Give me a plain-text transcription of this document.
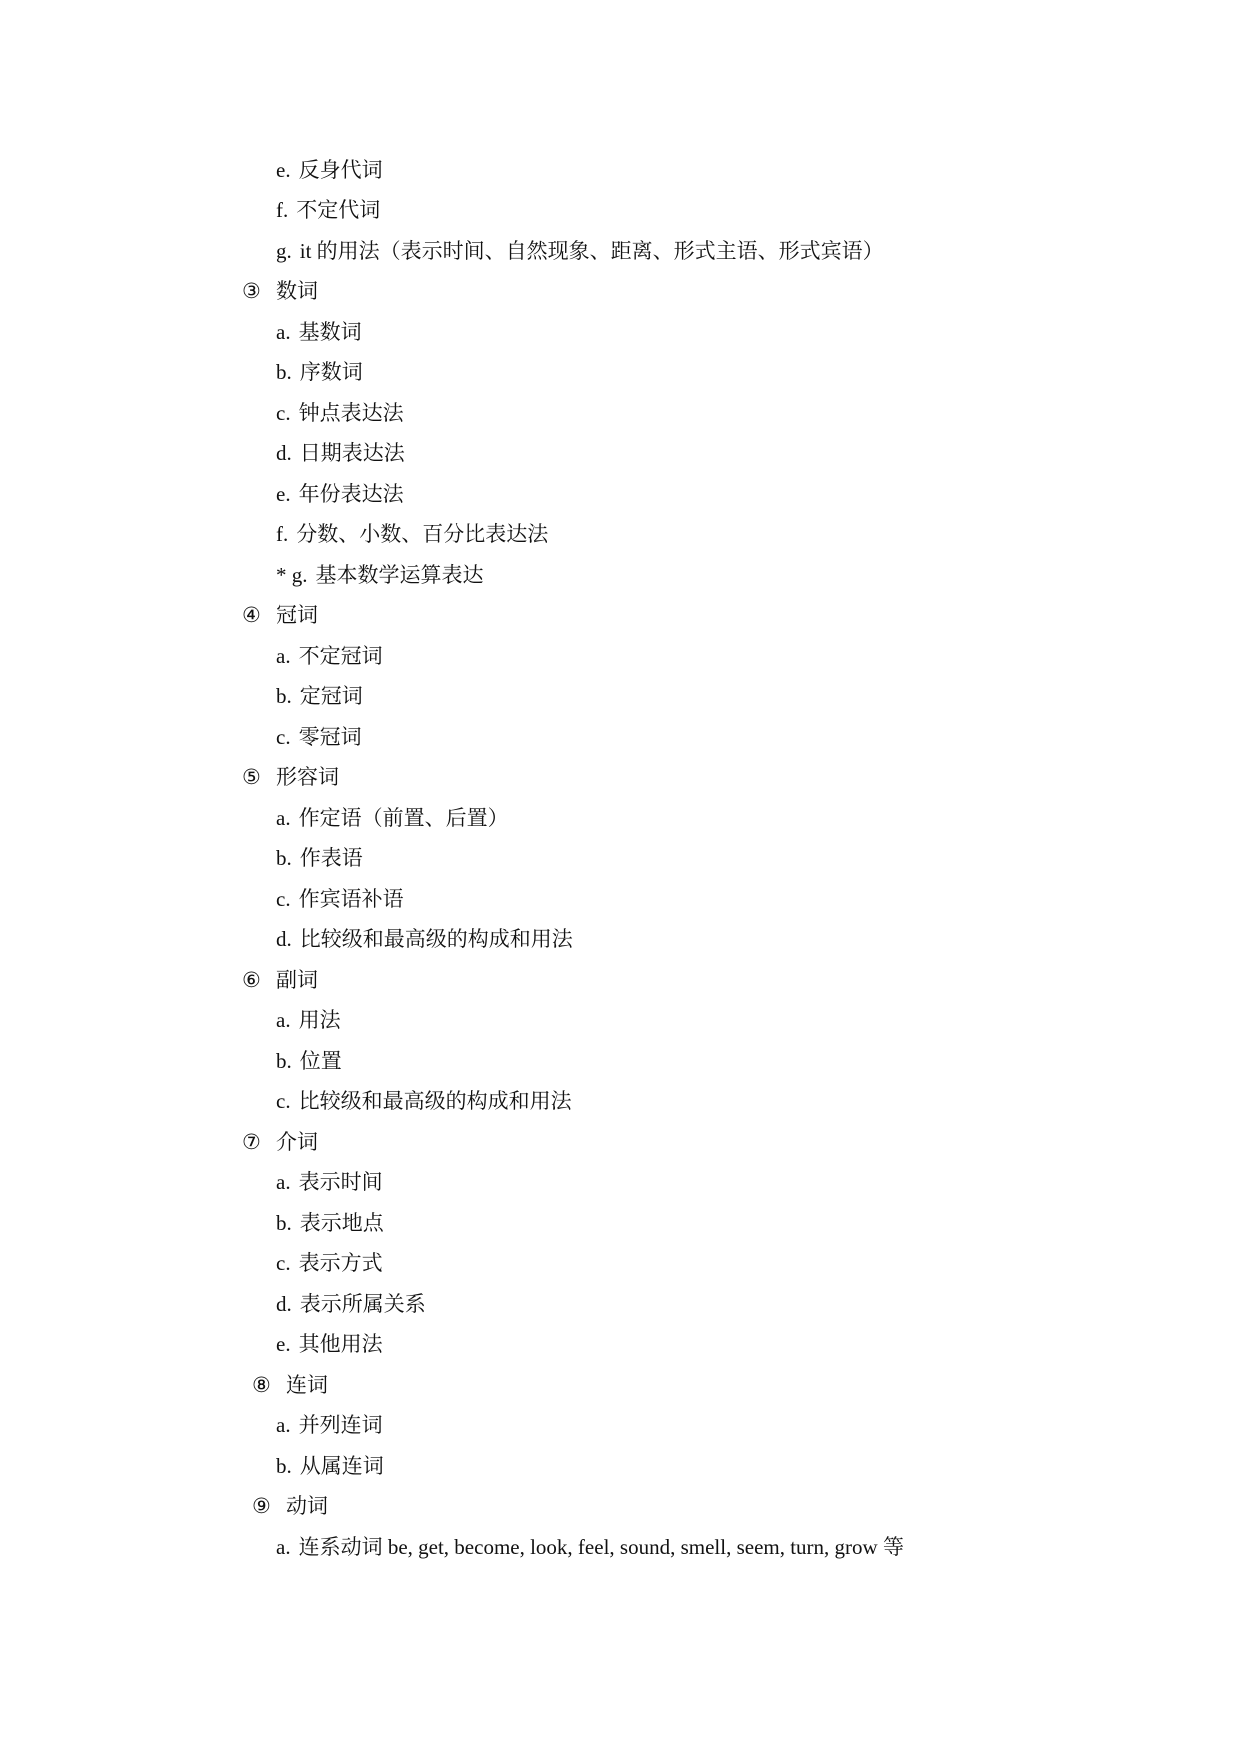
e. 反身代词
f. 不定代词
g. it 的用法（表示时间、自然现象、距离、形式主语、形式宾语）
③ 数词
a. 基数词
b. 序数词
c. 钟点表达法
d. 日期表达法
e. 年份表达法
f. 分数、小数、百分比表达法
* g. 基本数学运算表达
④ 冠词
a. 不定冠词
b. 定冠词
c. 零冠词
⑤ 形容词
a. 作定语（前置、后置）
b. 作表语
c. 作宾语补语
d. 比较级和最高级的构成和用法
⑥ 副词
a. 用法
b. 位置
c. 比较级和最高级的构成和用法
⑦ 介词
a. 表示时间
b. 表示地点
c. 表示方式
d. 表示所属关系
e. 其他用法
⑧ 连词
a. 并列连词
b. 从属连词
⑨ 动词
a. 连系动词 be, get, become, look, feel, sound, smell, seem, turn, grow 等
